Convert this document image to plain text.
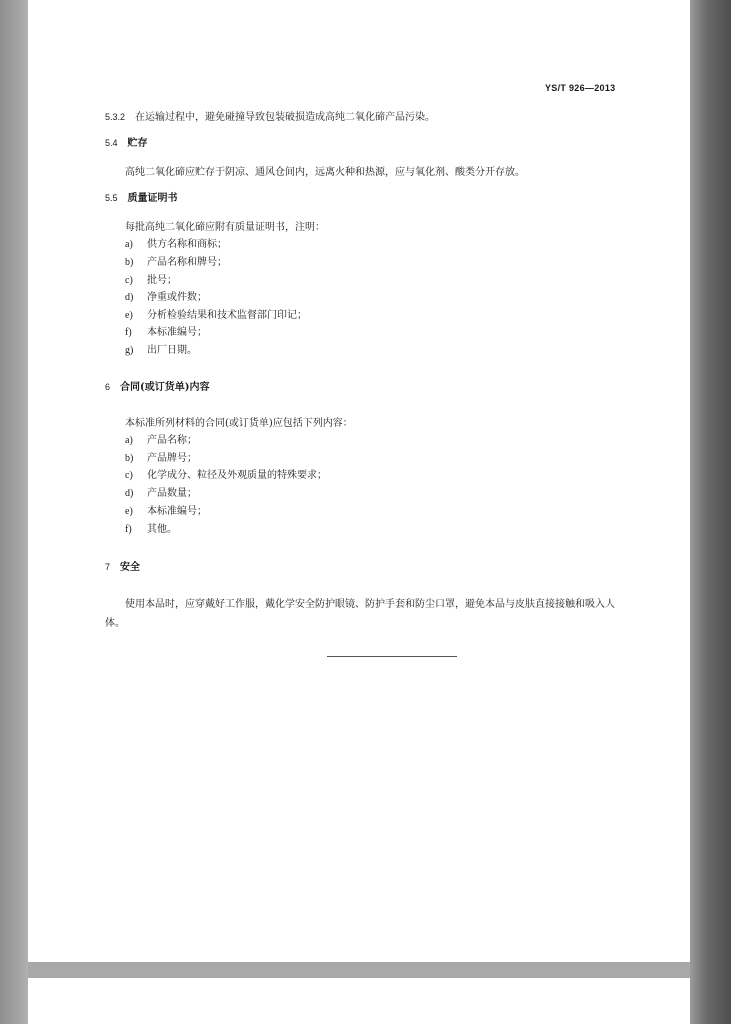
YS/T 926—2013
5.3.2 在运输过程中，避免碰撞导致包装破损造成高纯二氧化碲产品污染。
5.4 贮存
高纯二氧化碲应贮存于阴凉、通风仓间内，远离火种和热源，应与氧化剂、酸类分开存放。
5.5 质量证明书
每批高纯二氧化碲应附有质量证明书，注明：
a) 供方名称和商标；
b) 产品名称和牌号；
c) 批号；
d) 净重或件数；
e) 分析检验结果和技术监督部门印记；
f) 本标准编号；
g) 出厂日期。
6 合同(或订货单)内容
本标准所列材料的合同(或订货单)应包括下列内容：
a) 产品名称；
b) 产品牌号；
c) 化学成分、粒径及外观质量的特殊要求；
d) 产品数量；
e) 本标准编号；
f) 其他。
7 安全
使用本品时，应穿戴好工作服，戴化学安全防护眼镜、防护手套和防尘口罩，避免本品与皮肤直接接触和吸入人体。
